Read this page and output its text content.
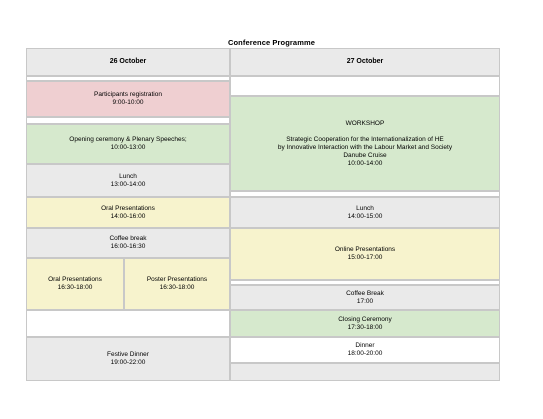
Conference Programme
26 October
Participants registration
9:00-10:00
Opening ceremony & Plenary Speeches;
10:00-13:00
Lunch
13:00-14:00
Oral Presentations
14:00-16:00
Coffee break
16:00-16:30
Oral Presentations
16:30-18:00
Poster Presentations
16:30-18:00
Festive Dinner
19:00-22:00
27 October
WORKSHOP
Strategic Cooperation for the Internationalization of HE
by Innovative Interaction with the Labour Market and Society
Danube Cruise
10:00-14:00
Lunch
14:00-15:00
Online Presentations
15:00-17:00
Coffee Break
17:00
Closing Ceremony
17:30-18:00
Dinner
18:00-20:00
